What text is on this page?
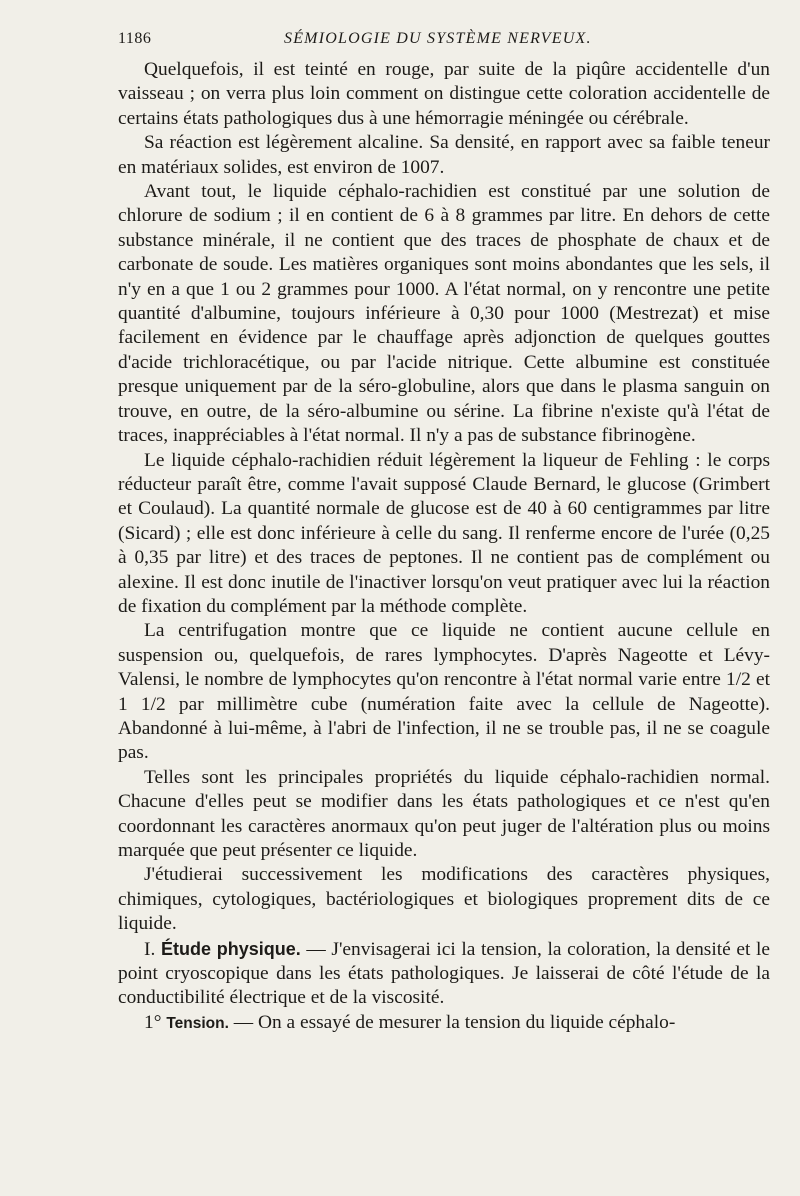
1186	SÉMIOLOGIE DU SYSTÈME NERVEUX.

Quelquefois, il est teinté en rouge, par suite de la piqûre accidentelle d'un vaisseau ; on verra plus loin comment on distingue cette coloration accidentelle de certains états pathologiques dus à une hémorragie méningée ou cérébrale.

Sa réaction est légèrement alcaline. Sa densité, en rapport avec sa faible teneur en matériaux solides, est environ de 1007.

Avant tout, le liquide céphalo-rachidien est constitué par une solution de chlorure de sodium ; il en contient de 6 à 8 grammes par litre. En dehors de cette substance minérale, il ne contient que des traces de phosphate de chaux et de carbonate de soude. Les matières organiques sont moins abondantes que les sels, il n'y en a que 1 ou 2 grammes pour 1000. A l'état normal, on y rencontre une petite quantité d'albumine, toujours inférieure à 0,30 pour 1000 (Mestrezat) et mise facilement en évidence par le chauffage après adjonction de quelques gouttes d'acide trichloracétique, ou par l'acide nitrique. Cette albumine est constituée presque uniquement par de la séro-globuline, alors que dans le plasma sanguin on trouve, en outre, de la séro-albumine ou sérine. La fibrine n'existe qu'à l'état de traces, inappréciables à l'état normal. Il n'y a pas de substance fibrinogène.

Le liquide céphalo-rachidien réduit légèrement la liqueur de Fehling : le corps réducteur paraît être, comme l'avait supposé Claude Bernard, le glucose (Grimbert et Coulaud). La quantité normale de glucose est de 40 à 60 centigrammes par litre (Sicard) ; elle est donc inférieure à celle du sang. Il renferme encore de l'urée (0,25 à 0,35 par litre) et des traces de peptones. Il ne contient pas de complément ou alexine. Il est donc inutile de l'inactiver lorsqu'on veut pratiquer avec lui la réaction de fixation du complément par la méthode complète.

La centrifugation montre que ce liquide ne contient aucune cellule en suspension ou, quelquefois, de rares lymphocytes. D'après Nageotte et Lévy-Valensi, le nombre de lymphocytes qu'on rencontre à l'état normal varie entre 1/2 et 1 1/2 par millimètre cube (numération faite avec la cellule de Nageotte). Abandonné à lui-même, à l'abri de l'infection, il ne se trouble pas, il ne se coagule pas.

Telles sont les principales propriétés du liquide céphalo-rachidien normal. Chacune d'elles peut se modifier dans les états pathologiques et ce n'est qu'en coordonnant les caractères anormaux qu'on peut juger de l'altération plus ou moins marquée que peut présenter ce liquide.

J'étudierai successivement les modifications des caractères physiques, chimiques, cytologiques, bactériologiques et biologiques proprement dits de ce liquide.

I. Étude physique. — J'envisagerai ici la tension, la coloration, la densité et le point cryoscopique dans les états pathologiques. Je laisserai de côté l'étude de la conductibilité électrique et de la viscosité.

1° Tension. — On a essayé de mesurer la tension du liquide céphalo-
